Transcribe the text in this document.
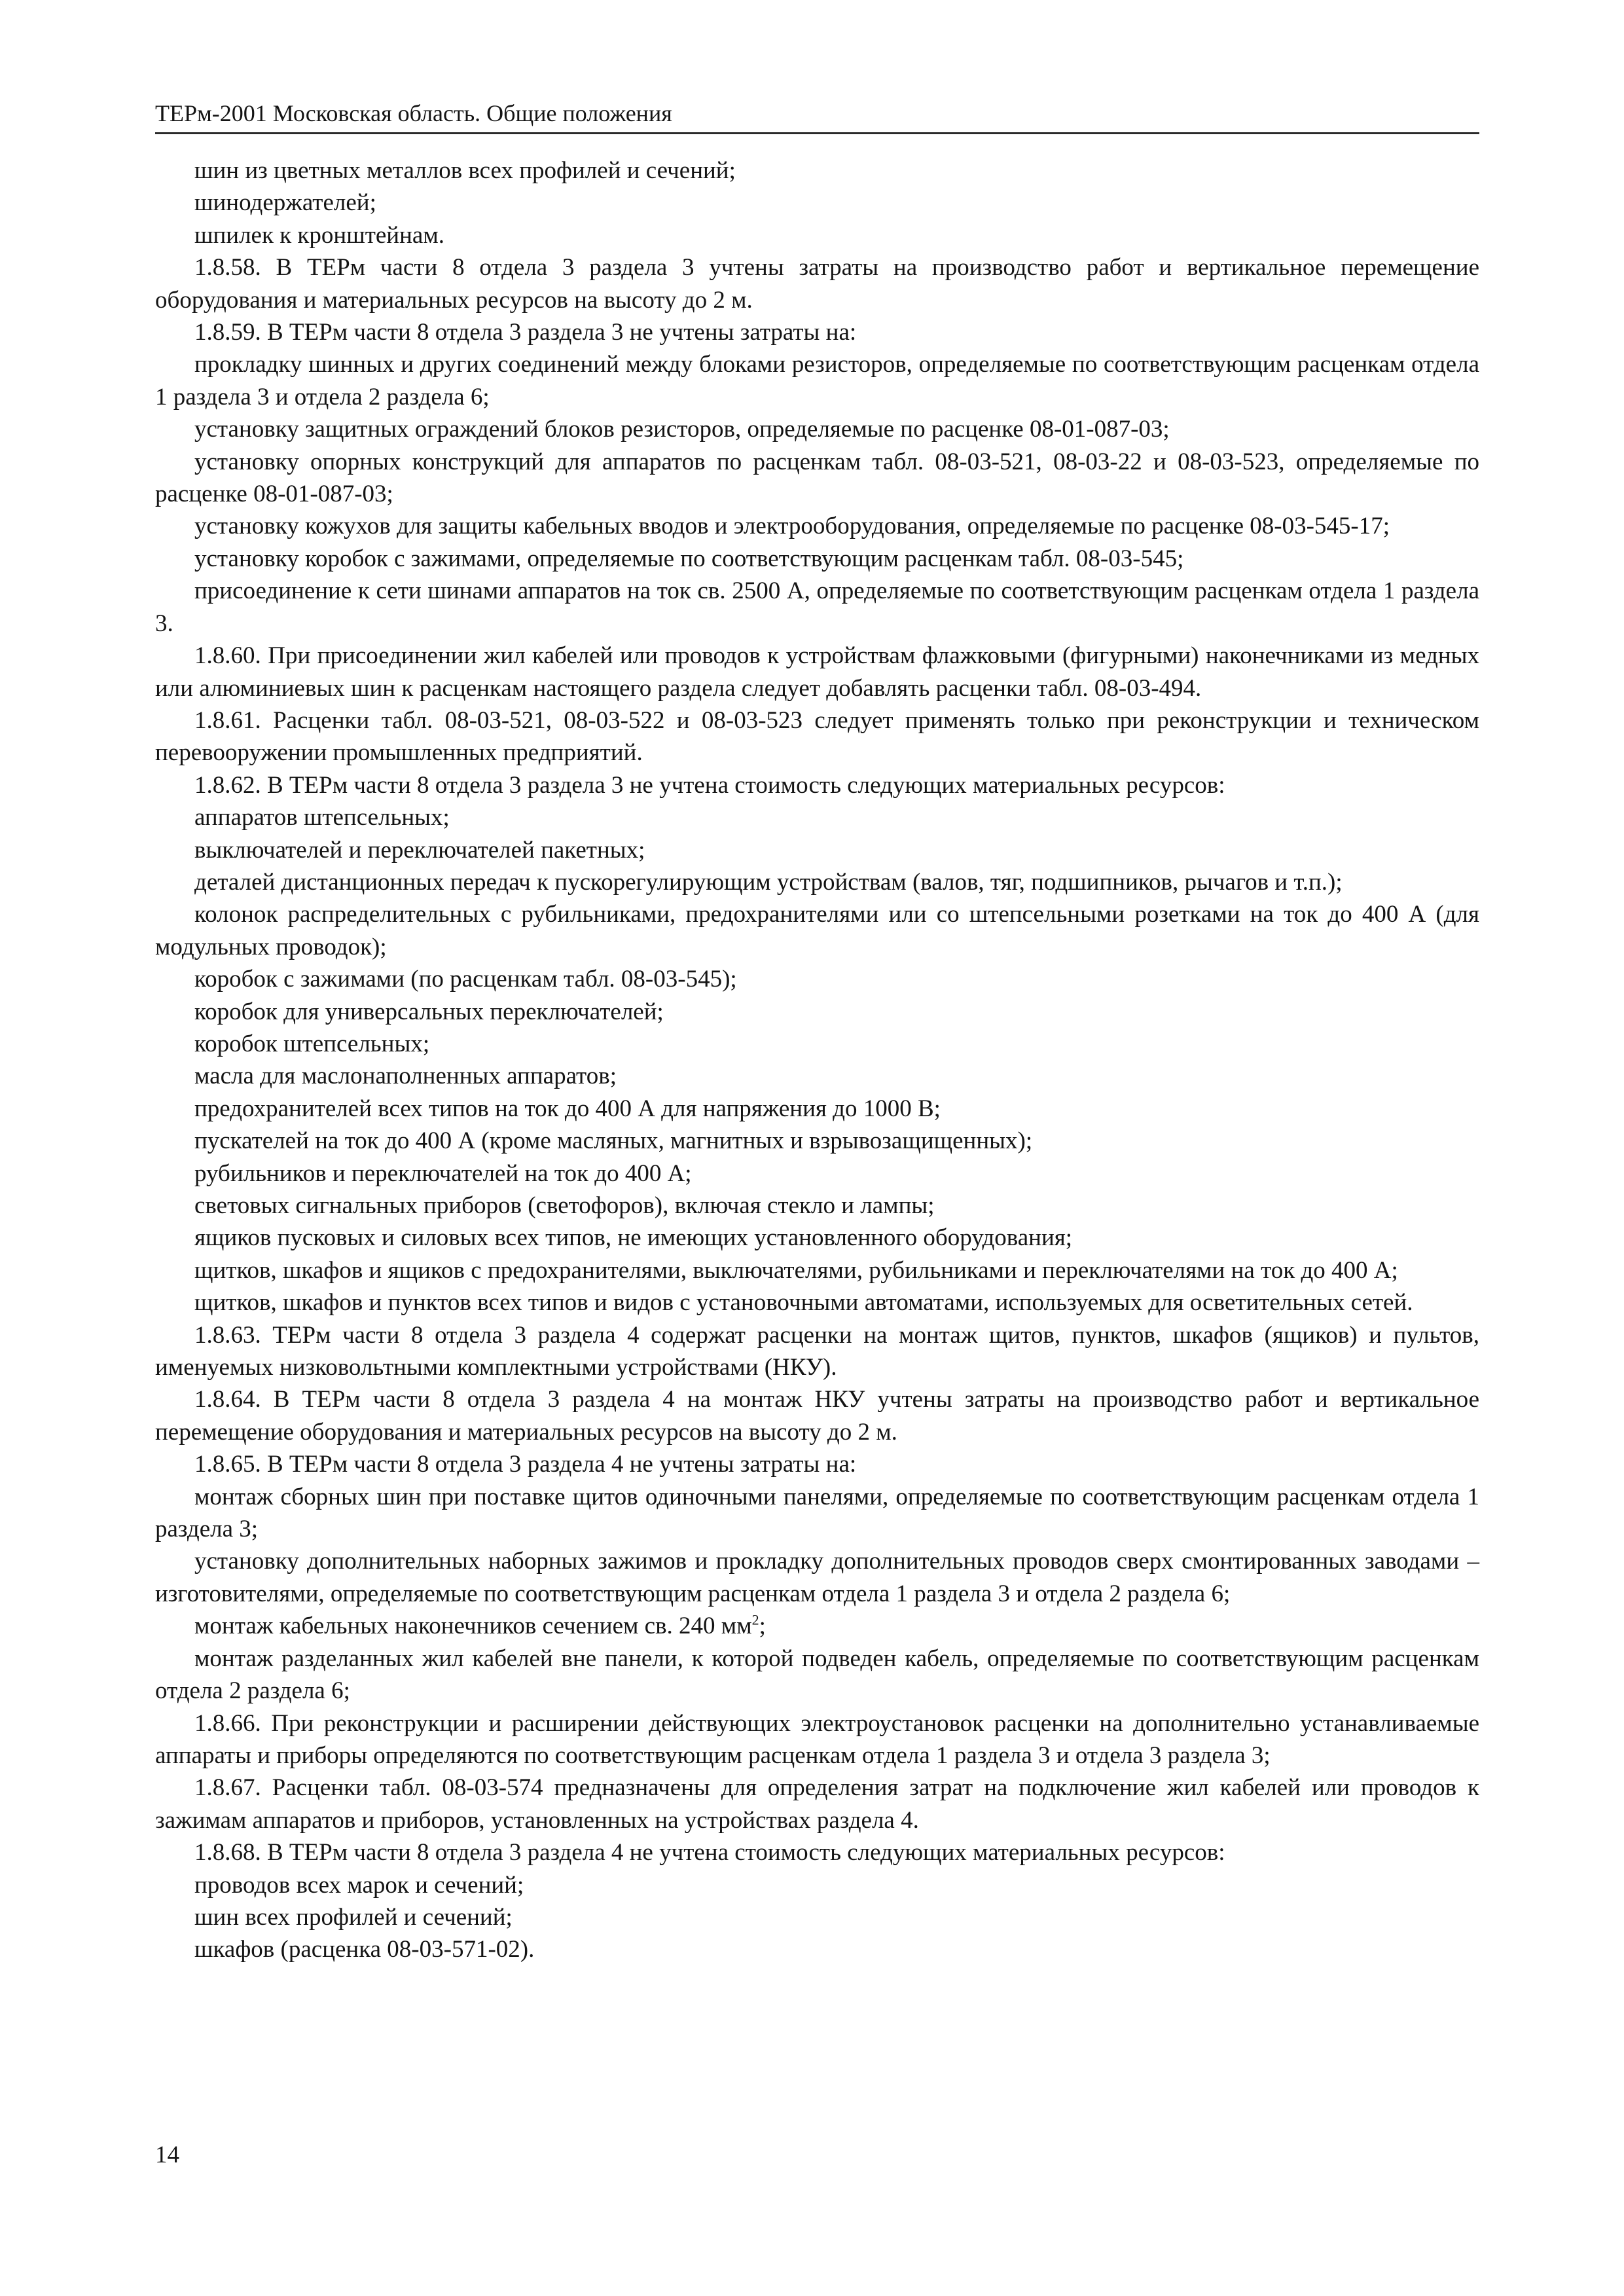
ТЕРм-2001 Московская область. Общие положения

шин из цветных металлов всех профилей и сечений;

шинодержателей;

шпилек к кронштейнам.

1.8.58. В ТЕРм части 8 отдела 3 раздела 3 учтены затраты на производство работ и вертикальное перемещение оборудования и материальных ресурсов на высоту до 2 м.

1.8.59. В ТЕРм части 8 отдела 3 раздела 3 не учтены затраты на:

прокладку шинных и других соединений между блоками резисторов, определяемые по соответствующим расценкам отдела 1 раздела 3 и отдела 2 раздела 6;

установку защитных ограждений блоков резисторов, определяемые по расценке 08-01-087-03;

установку опорных конструкций для аппаратов по расценкам табл. 08-03-521, 08-03-22 и 08-03-523, определяемые по расценке 08-01-087-03;

установку кожухов для защиты кабельных вводов и электрооборудования, определяемые по расценке 08-03-545-17;

установку коробок с зажимами, определяемые по соответствующим расценкам табл. 08-03-545;

присоединение к сети шинами аппаратов на ток св. 2500 А, определяемые по соответствующим расценкам отдела 1 раздела 3.

1.8.60. При присоединении жил кабелей или проводов к устройствам флажковыми (фигурными) наконечниками из медных или алюминиевых шин к расценкам настоящего раздела следует добавлять расценки табл. 08-03-494.

1.8.61. Расценки табл. 08-03-521, 08-03-522 и 08-03-523 следует применять только при реконструкции и техническом перевооружении промышленных предприятий.

1.8.62. В ТЕРм части 8 отдела 3 раздела 3 не учтена стоимость следующих материальных ресурсов:

аппаратов штепсельных;

выключателей и переключателей пакетных;

деталей дистанционных передач к пускорегулирующим устройствам (валов, тяг, подшипников, рычагов и т.п.);

колонок распределительных с рубильниками, предохранителями или со штепсельными розетками на ток до 400 А (для модульных проводок);

коробок с зажимами (по расценкам табл. 08-03-545);

коробок для универсальных переключателей;

коробок штепсельных;

масла для маслонаполненных аппаратов;

предохранителей всех типов на ток до 400 А для напряжения до 1000 В;

пускателей на ток до 400 А (кроме масляных, магнитных и взрывозащищенных);

рубильников и переключателей на ток до 400 А;

световых сигнальных приборов (светофоров), включая стекло и лампы;

ящиков пусковых и силовых всех типов, не имеющих установленного оборудования;

щитков, шкафов и ящиков с предохранителями, выключателями, рубильниками и переключателями на ток до 400 А;

щитков, шкафов и пунктов всех типов и видов с установочными автоматами, используемых для осветительных сетей.

1.8.63. ТЕРм части 8 отдела 3 раздела 4 содержат расценки на монтаж щитов, пунктов, шкафов (ящиков) и пультов, именуемых низковольтными комплектными устройствами (НКУ).

1.8.64. В ТЕРм части 8 отдела 3 раздела 4 на монтаж НКУ учтены затраты на производство работ и вертикальное перемещение оборудования и материальных ресурсов на высоту до 2 м.

1.8.65. В ТЕРм части 8 отдела 3 раздела 4 не учтены затраты на:

монтаж сборных шин при поставке щитов одиночными панелями, определяемые по соответствующим расценкам отдела 1 раздела 3;

установку дополнительных наборных зажимов и прокладку дополнительных проводов сверх смонтированных заводами – изготовителями, определяемые по соответствующим расценкам отдела 1 раздела 3 и отдела 2 раздела 6;

монтаж кабельных наконечников сечением св. 240 $мм^2$;

монтаж разделанных жил кабелей вне панели, к которой подведен кабель, определяемые по соответствующим расценкам отдела 2 раздела 6;

1.8.66. При реконструкции и расширении действующих электроустановок расценки на дополнительно устанавливаемые аппараты и приборы определяются по соответствующим расценкам отдела 1 раздела 3 и отдела 3 раздела 3;

1.8.67. Расценки табл. 08-03-574 предназначены для определения затрат на подключение жил кабелей или проводов к зажимам аппаратов и приборов, установленных на устройствах раздела 4.

1.8.68. В ТЕРм части 8 отдела 3 раздела 4 не учтена стоимость следующих материальных ресурсов:

проводов всех марок и сечений;

шин всех профилей и сечений;

шкафов (расценка 08-03-571-02).

14
